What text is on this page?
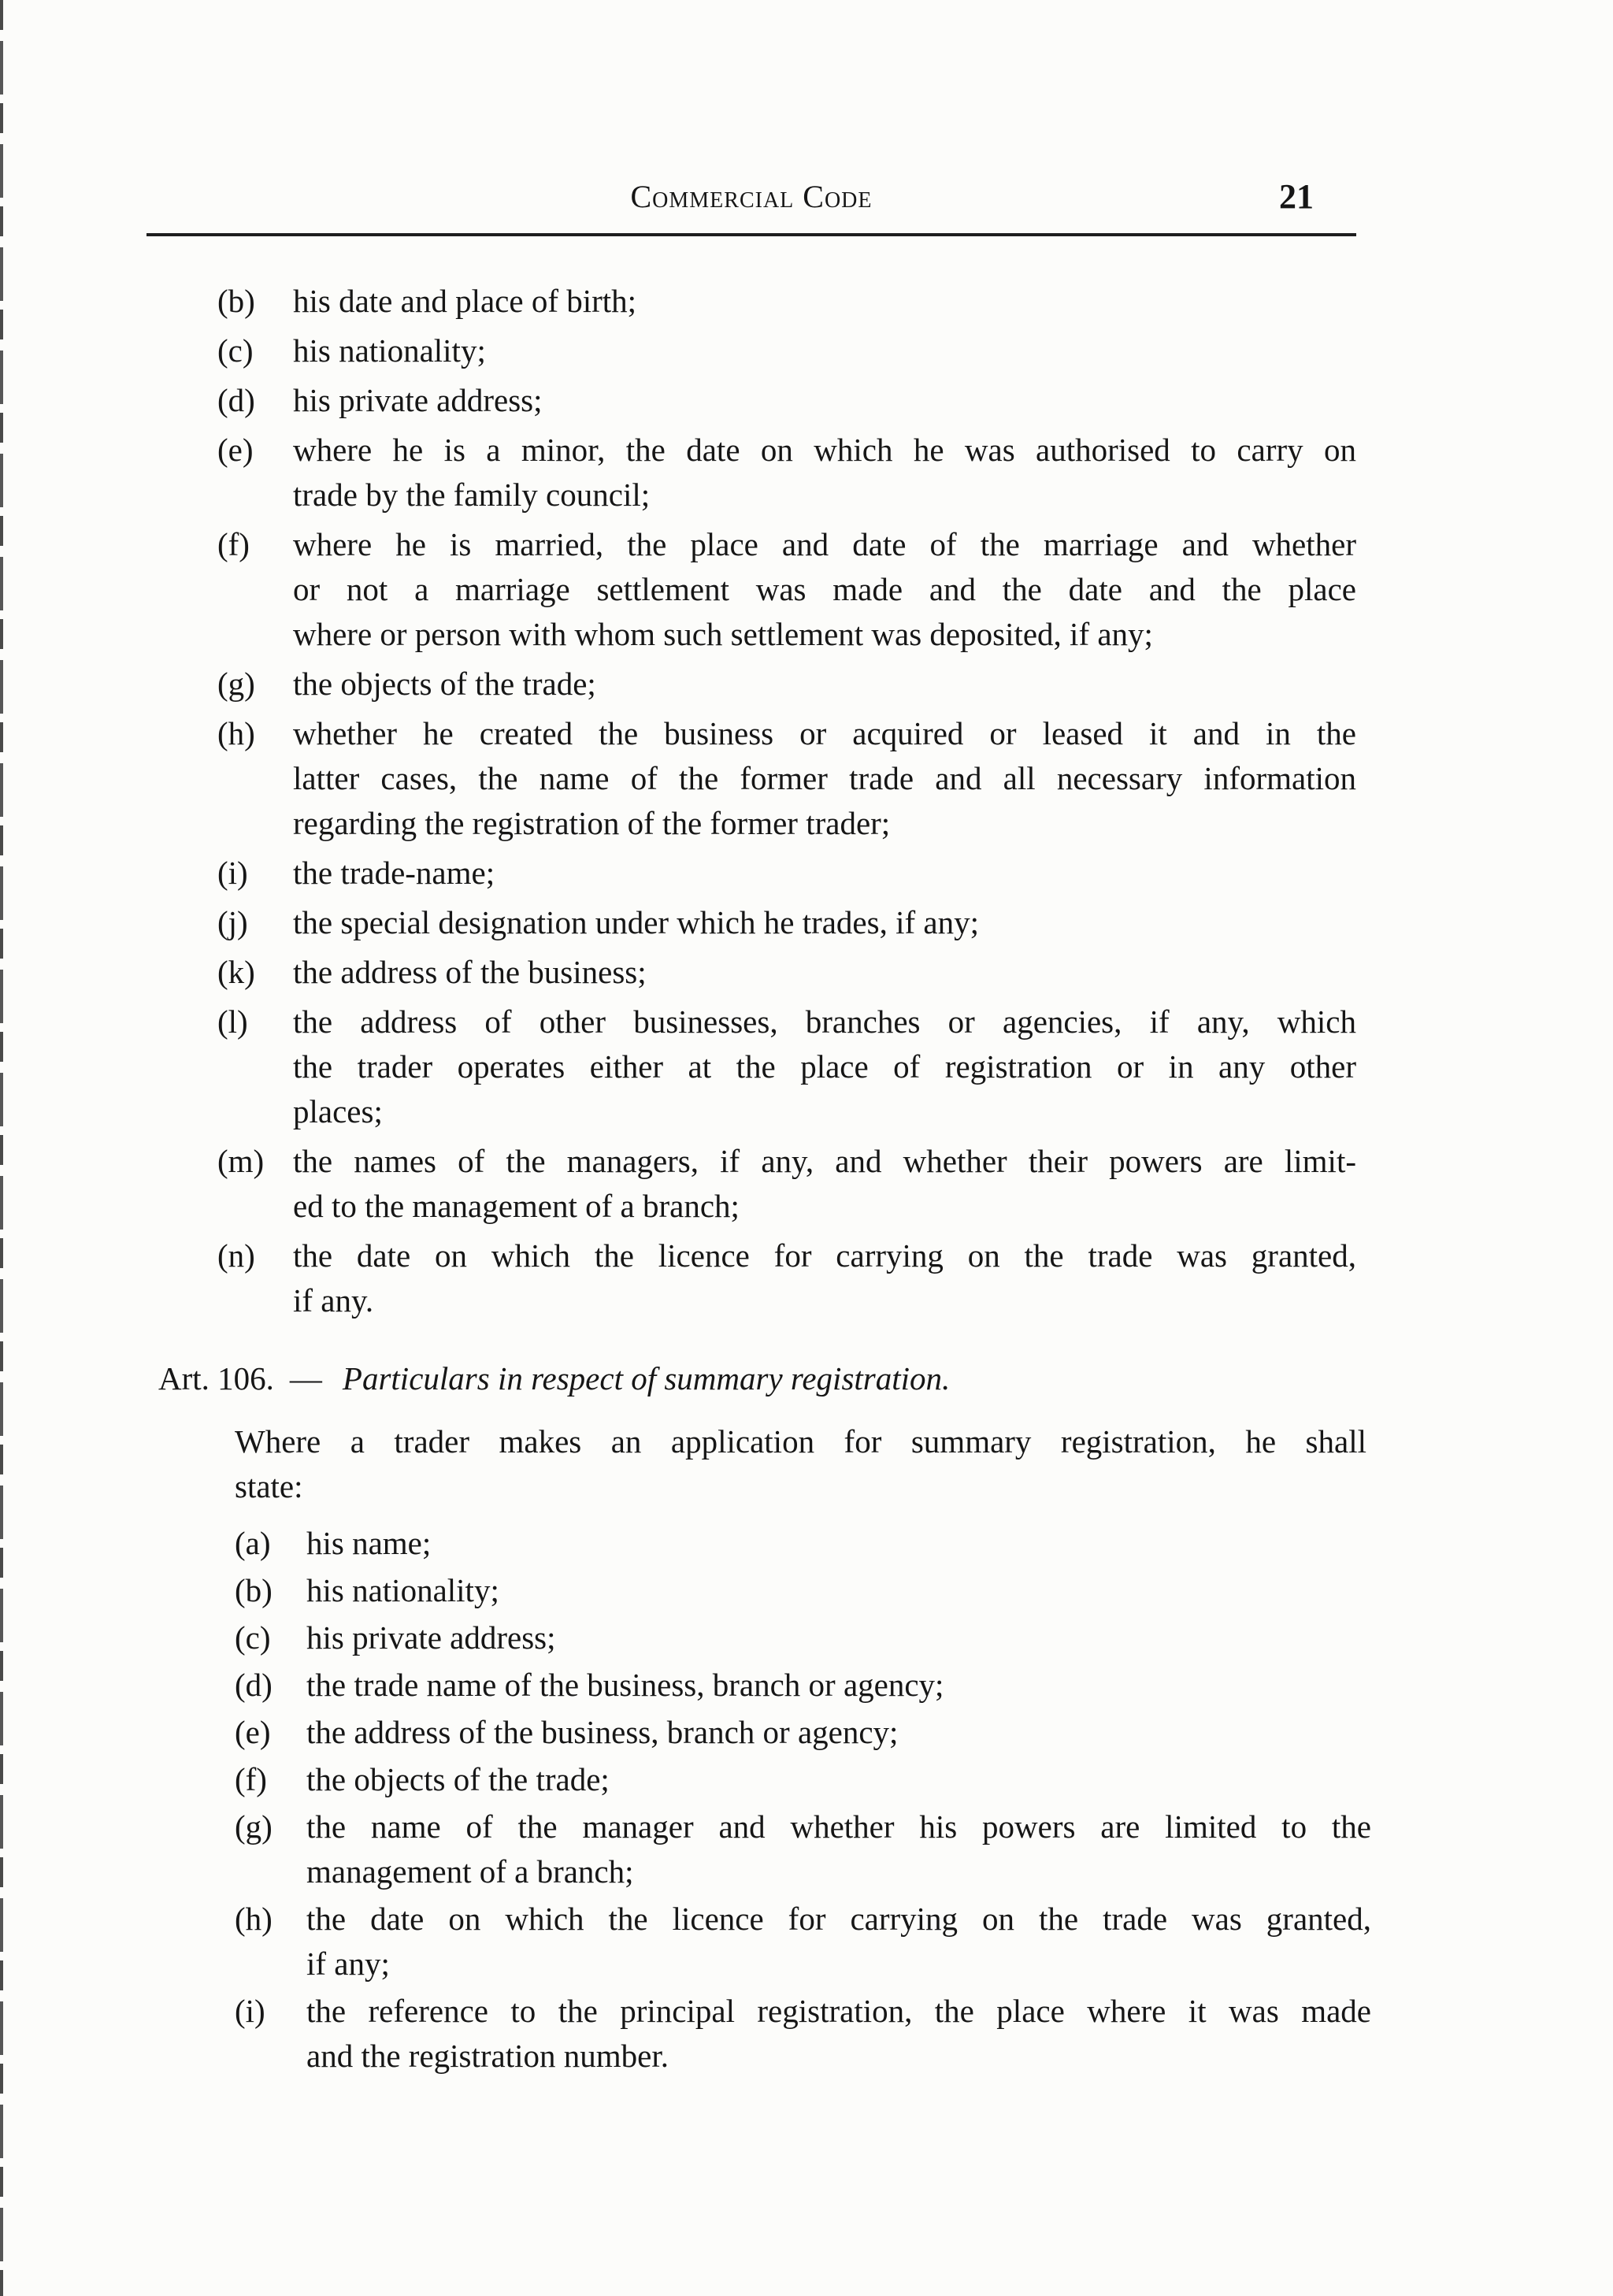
Commercial Code	21
(b)	his date and place of birth;
(c)	his nationality;
(d)	his private address;
(e)	where he is a minor, the date on which he was authorised to carry on
trade by the family council;
(f)	where he is married, the place and date of the marriage and whether
or not a marriage settlement was made and the date and the place
where or person with whom such settlement was deposited, if any;
(g)	the objects of the trade;
(h)	whether he created the business or acquired or leased it and in the
latter cases, the name of the former trade and all necessary information
regarding the registration of the former trader;
(i)	the trade-name;
(j)	the special designation under which he trades, if any;
(k)	the address of the business;
(l)	the address of other businesses, branches or agencies, if any, which
the trader operates either at the place of registration or in any other
places;
(m) the names of the managers, if any, and whether their powers are limit-
ed to the management of a branch;
(n)	the date on which the licence for carrying on the trade was granted,
if any.
Art. 106. — Particulars in respect of summary registration.
Where a trader makes an application for summary registration, he shall
state:
(a)	his name;
(b)	his nationality;
(c)	his private address;
(d)	the trade name of the business, branch or agency;
(e)	the address of the business, branch or agency;
(f)	the objects of the trade;
(g)	the name of the manager and whether his powers are limited to the
management of a branch;
(h)	the date on which the licence for carrying on the trade was granted,
if any;
(i)	the reference to the principal registration, the place where it was made
and the registration number.
